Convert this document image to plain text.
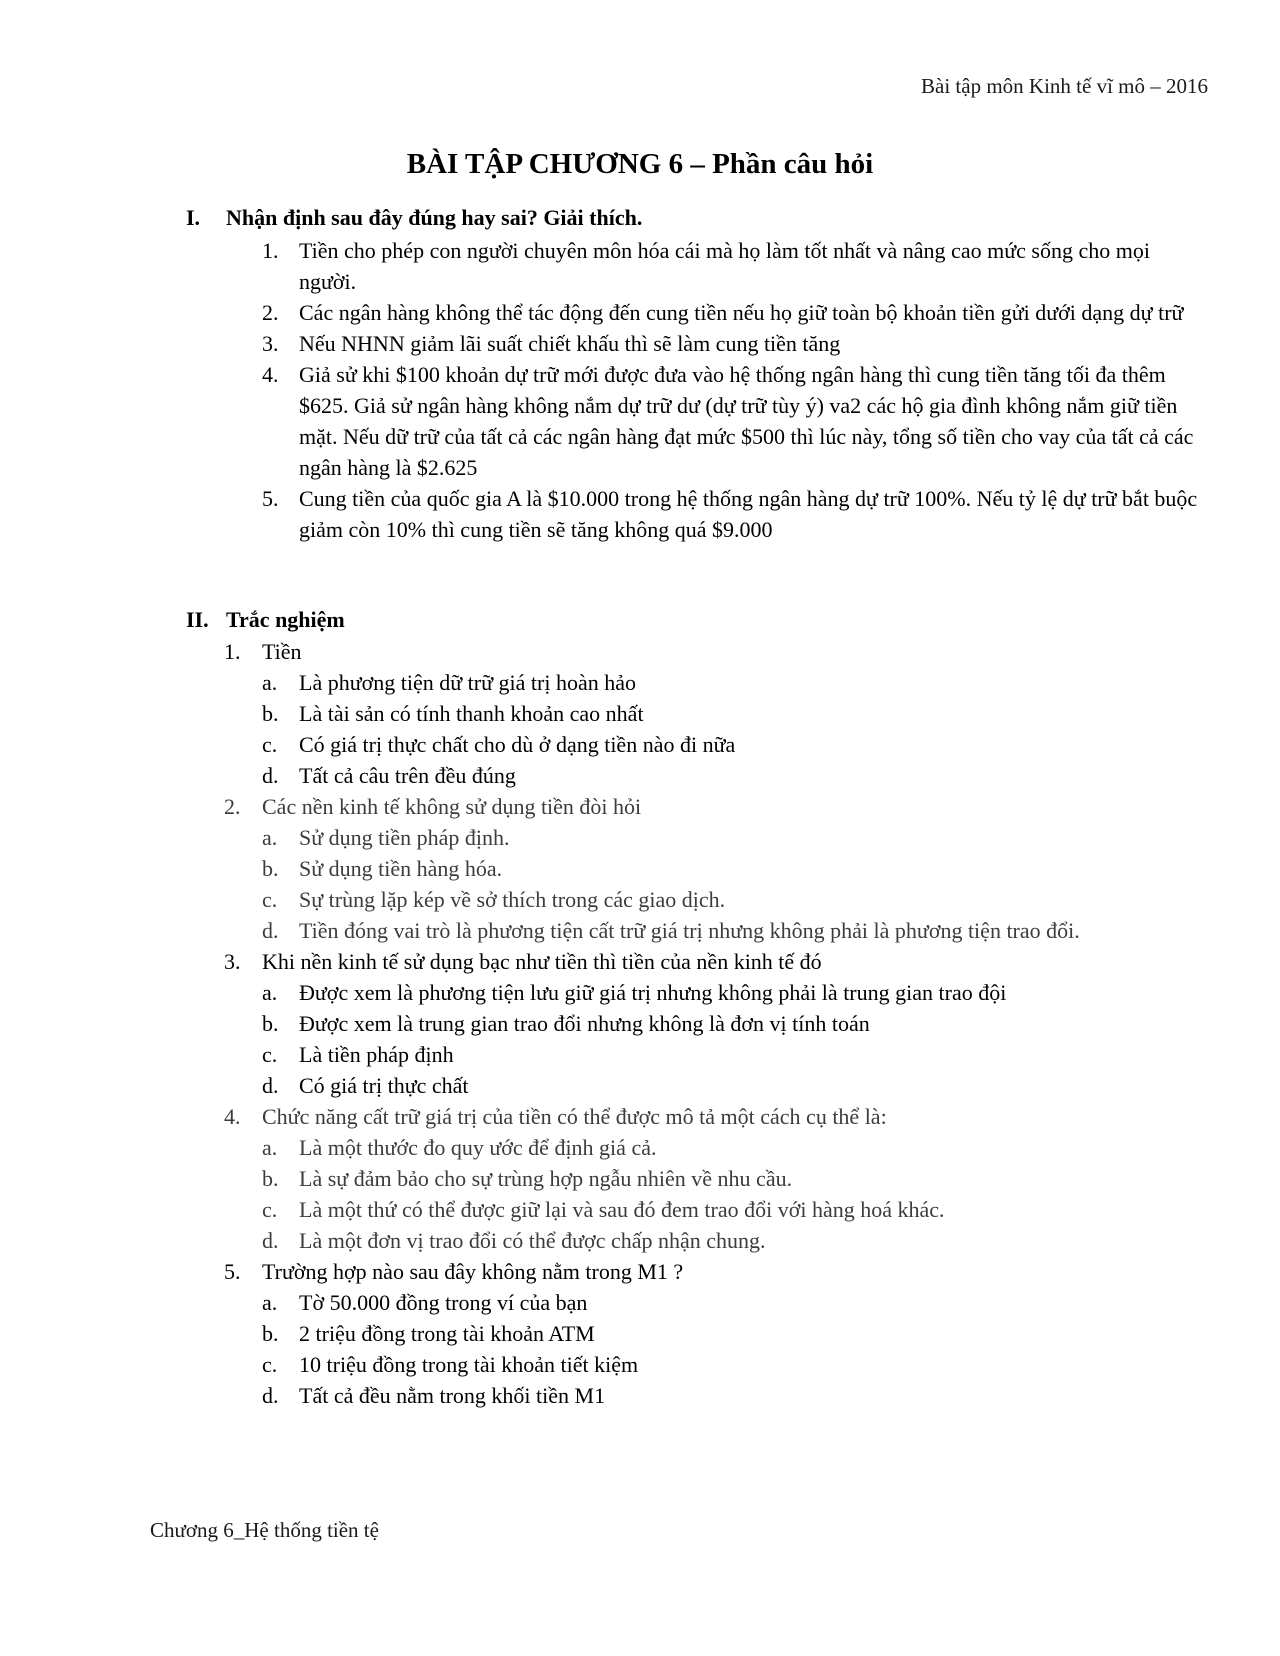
Bài tập môn Kinh tế vĩ mô – 2016
BÀI TẬP CHƯƠNG 6 – Phần câu hỏi
I. Nhận định sau đây đúng hay sai? Giải thích.
1. Tiền cho phép con người chuyên môn hóa cái mà họ làm tốt nhất và nâng cao mức sống cho mọi người.
2. Các ngân hàng không thể tác động đến cung tiền nếu họ giữ toàn bộ khoản tiền gửi dưới dạng dự trữ
3. Nếu NHNN giảm lãi suất chiết khấu thì sẽ làm cung tiền tăng
4. Giả sử khi $100 khoản dự trữ mới được đưa vào hệ thống ngân hàng thì cung tiền tăng tối đa thêm $625. Giả sử ngân hàng không nắm dự trữ dư (dự trữ tùy ý) va2 các hộ gia đình không nắm giữ tiền mặt. Nếu dữ trữ của tất cả các ngân hàng đạt mức $500 thì lúc này, tổng số tiền cho vay của tất cả các ngân hàng là $2.625
5. Cung tiền của quốc gia A là $10.000 trong hệ thống ngân hàng dự trữ 100%. Nếu tỷ lệ dự trữ bắt buộc giảm còn 10% thì cung tiền sẽ tăng không quá $9.000
II. Trắc nghiệm
1. Tiền
a. Là phương tiện dữ trữ giá trị hoàn hảo
b. Là tài sản có tính thanh khoản cao nhất
c. Có giá trị thực chất cho dù ở dạng tiền nào đi nữa
d. Tất cả câu trên đều đúng
2. Các nền kinh tế không sử dụng tiền đòi hỏi
a. Sử dụng tiền pháp định.
b. Sử dụng tiền hàng hóa.
c. Sự trùng lặp kép về sở thích trong các giao dịch.
d. Tiền đóng vai trò là phương tiện cất trữ giá trị nhưng không phải là phương tiện trao đổi.
3. Khi nền kinh tế sử dụng bạc như tiền thì tiền của nền kinh tế đó
a. Được xem là phương tiện lưu giữ giá trị nhưng không phải là trung gian trao đội
b. Được xem là trung gian trao đổi nhưng không là đơn vị tính toán
c. Là tiền pháp định
d. Có giá trị thực chất
4. Chức năng cất trữ giá trị của tiền có thể được mô tả một cách cụ thể là:
a. Là một thước đo quy ước để định giá cả.
b. Là sự đảm bảo cho sự trùng hợp ngẫu nhiên về nhu cầu.
c. Là một thứ có thể được giữ lại và sau đó đem trao đổi với hàng hoá khác.
d. Là một đơn vị trao đổi có thể được chấp nhận chung.
5. Trường hợp nào sau đây không nằm trong M1 ?
a. Tờ 50.000 đồng trong ví của bạn
b. 2 triệu đồng trong tài khoản ATM
c. 10 triệu đồng trong tài khoản tiết kiệm
d. Tất cả đều nằm trong khối tiền M1
Chương 6_Hệ thống tiền tệ
